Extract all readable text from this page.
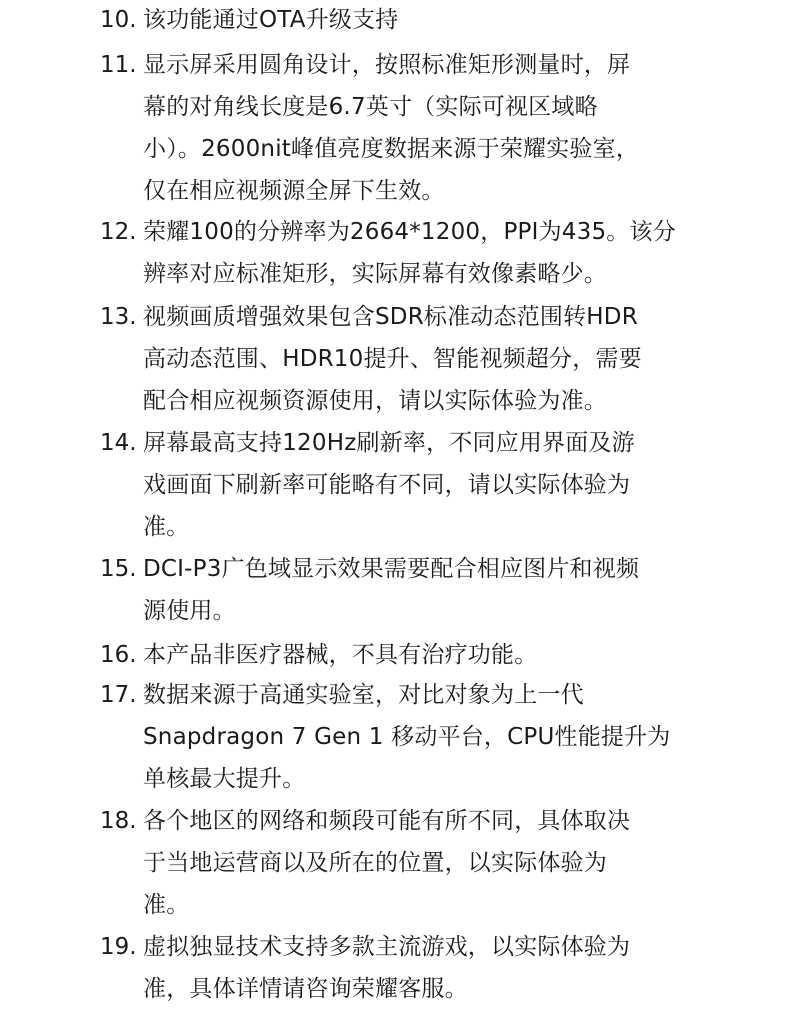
10. 该功能通过OTA升级支持
11. 显示屏采用圆角设计，按照标准矩形测量时，屏
幕的对角线长度是6.7英寸（实际可视区域略
小）。2600nit峰值亮度数据来源于荣耀实验室，
仅在相应视频源全屏下生效。
12. 荣耀100的分辨率为2664*1200，PPI为435。该分
辨率对应标准矩形，实际屏幕有效像素略少。
13. 视频画质增强效果包含SDR标准动态范围转HDR
高动态范围、HDR10提升、智能视频超分，需要
配合相应视频资源使用，请以实际体验为准。
14. 屏幕最高支持120Hz刷新率，不同应用界面及游
戏画面下刷新率可能略有不同，请以实际体验为
准。
15. DCI-P3广色域显示效果需要配合相应图片和视频
源使用。
16. 本产品非医疗器械，不具有治疗功能。
17. 数据来源于高通实验室，对比对象为上一代
Snapdragon 7 Gen 1 移动平台，CPU性能提升为
单核最大提升。
18. 各个地区的网络和频段可能有所不同，具体取决
于当地运营商以及所在的位置，以实际体验为
准。
19. 虚拟独显技术支持多款主流游戏，以实际体验为
准，具体详情请咨询荣耀客服。
